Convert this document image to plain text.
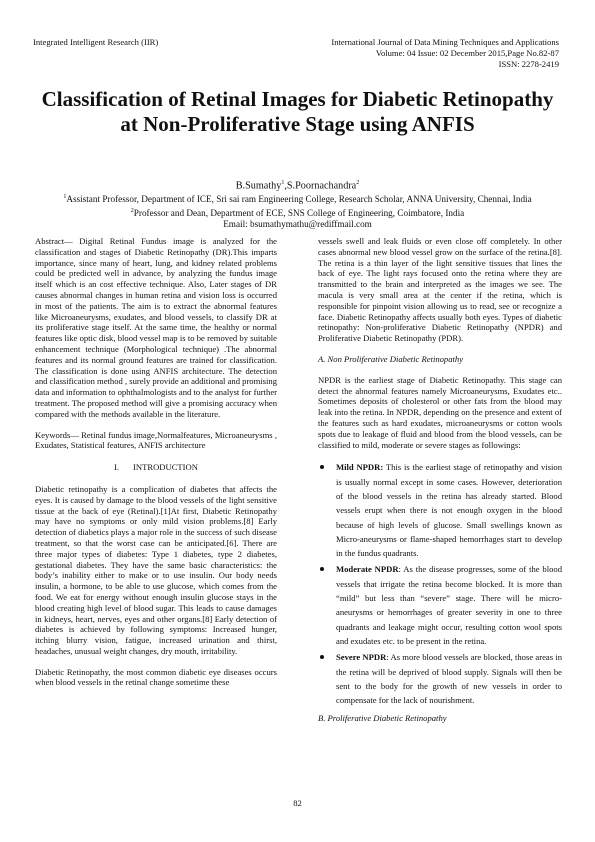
Integrated Intelligent Research (IIR)	International Journal of Data Mining Techniques and Applications
Volume: 04 Issue: 02 December 2015,Page No.82-87
ISSN: 2278-2419
Classification of Retinal Images for Diabetic Retinopathy at Non-Proliferative Stage using ANFIS
B.Sumathy$^1$,S.Poornachandra$^2$
$^1$Assistant Professor, Department of ICE, Sri sai ram Engineering College, Research Scholar, ANNA University, Chennai, India
$^2$Professor and Dean, Department of ECE, SNS College of Engineering, Coimbatore, India
Email: bsumathymathu@rediffmail.com

Abstract— Digital Retinal Fundus image is analyzed for the classification and stages of Diabetic Retinopathy (DR).This imparts importance, since many of heart, lung, and kidney related problems could be predicted well in advance, by analyzing the fundus image itself which is an cost effective technique. Also, Later stages of DR causes abnormal changes in human retina and vision loss is occurred in most of the patients. The aim is to extract the abnormal features like Microaneurysms, exudates, and blood vessels, to classify DR at its proliferative stage itself. At the same time, the healthy or normal features like optic disk, blood vessel map is to be removed by suitable enhancement technique (Morphological technique) .The abnormal features and its normal ground features are trained for classification. The classification is done using ANFIS architecture. The detection and classification method , surely provide an additional and promising data and information to ophthalmologists and to the analyst for further treatment. The proposed method will give a promising accuracy when compared with the methods available in the literature.

Keywords— Retinal fundus image,Normalfeatures, Microaneurysms , Exudates, Statistical features, ANFIS architecture

I. INTRODUCTION

Diabetic retinopathy is a complication of diabetes that affects the eyes. It is caused by damage to the blood vessels of the light sensitive tissue at the back of eye (Retinal).[1]At first, Diabetic Retinopathy may have no symptoms or only mild vision problems.[8] Early detection of diabetics plays a major role in the success of such disease treatment, so that the worst case can be anticipated.[6]. There are three major types of diabetes: Type 1 diabetes, type 2 diabetes, gestational diabetes. They have the same basic characteristics: the body’s inability either to make or to use insulin. Our body needs insulin, a hormone, to be able to use glucose, which comes from the food. We eat for energy without enough insulin glucose stays in the blood creating high level of blood sugar. This leads to cause damages in kidneys, heart, nerves, eyes and other organs.[8] Early detection of diabetes is achieved by following symptoms: Increased hunger, itching blurry vision, fatigue, increased urination and thirst, headaches, unusual weight changes, dry mouth, irritability.

Diabetic Retinopathy, the most common diabetic eye diseases occurs when blood vessels in the retinal change sometime these

vessels swell and leak fluids or even close off completely. In other cases abnormal new blood vessel grow on the surface of the retina.[8]. The retina is a thin layer of the light sensitive tissues that lines the back of eye. The light rays focused onto the retina where they are transmitted to the brain and interpreted as the images we see. The macula is very small area at the center if the retina, which is responsible for pinpoint vision allowing us to read, see or recognize a face. Diabetic Retinopathy affects usually both eyes. Types of diabetic retinopathy: Non-proliferative Diabetic Retinopathy (NPDR) and Proliferative Diabetic Retinopathy (PDR).

A. Non Proliferative Diabetic Retinopathy

NPDR is the earliest stage of Diabetic Retinopathy. This stage can detect the abnormal features namely Microaneurysms, Exudates etc.. Sometimes deposits of cholesterol or other fats from the blood may leak into the retina. In NPDR, depending on the presence and extent of the features such as hard exudates, microaneurysms or cotton wools spots due to leakage of fluid and blood from the blood vessels, can be classified to mild, moderate or severe stages as followings:

Mild NPDR: This is the earliest stage of retinopathy and vision is usually normal except in some cases. However, deterioration of the blood vessels in the retina has already started. Blood vessels erupt when there is not enough oxygen in the blood because of high levels of glucose. Small swellings known as Micro-aneurysms or flame-shaped hemorrhages start to develop in the fundus quadrants.
Moderate NPDR: As the disease progresses, some of the blood vessels that irrigate the retina become blocked. It is more than “mild” but less than “severe” stage. There will be micro-aneurysms or hemorrhages of greater severity in one to three quadrants and leakage might occur, resulting cotton wool spots and exudates etc. to be present in the retina.
Severe NPDR: As more blood vessels are blocked, those areas in the retina will be deprived of blood supply. Signals will then be sent to the body for the growth of new vessels in order to compensate for the lack of nourishment.
B. Proliferative Diabetic Retinopathy
82
